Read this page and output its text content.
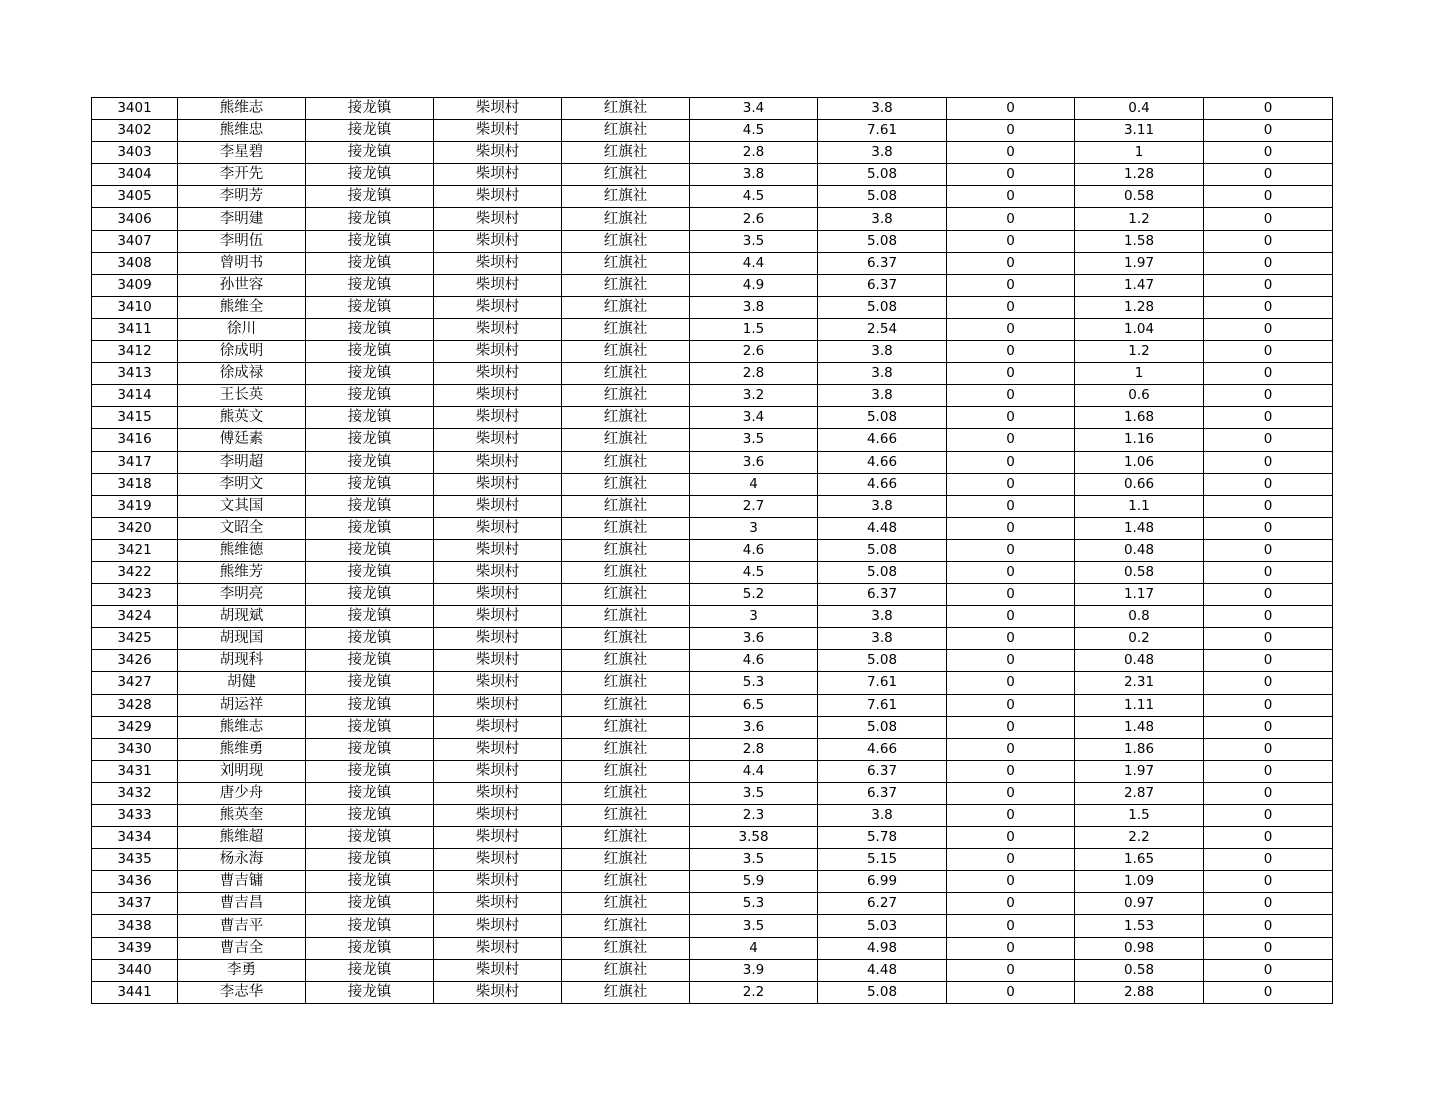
3401	熊维志	接龙镇	柴坝村	红旗社	3.4	3.8	0	0.4	0
3402	熊维忠	接龙镇	柴坝村	红旗社	4.5	7.61	0	3.11	0
3403	李星碧	接龙镇	柴坝村	红旗社	2.8	3.8	0	1	0
3404	李开先	接龙镇	柴坝村	红旗社	3.8	5.08	0	1.28	0
3405	李明芳	接龙镇	柴坝村	红旗社	4.5	5.08	0	0.58	0
3406	李明建	接龙镇	柴坝村	红旗社	2.6	3.8	0	1.2	0
3407	李明伍	接龙镇	柴坝村	红旗社	3.5	5.08	0	1.58	0
3408	曾明书	接龙镇	柴坝村	红旗社	4.4	6.37	0	1.97	0
3409	孙世容	接龙镇	柴坝村	红旗社	4.9	6.37	0	1.47	0
3410	熊维全	接龙镇	柴坝村	红旗社	3.8	5.08	0	1.28	0
3411	徐川	接龙镇	柴坝村	红旗社	1.5	2.54	0	1.04	0
3412	徐成明	接龙镇	柴坝村	红旗社	2.6	3.8	0	1.2	0
3413	徐成禄	接龙镇	柴坝村	红旗社	2.8	3.8	0	1	0
3414	王长英	接龙镇	柴坝村	红旗社	3.2	3.8	0	0.6	0
3415	熊英文	接龙镇	柴坝村	红旗社	3.4	5.08	0	1.68	0
3416	傅廷素	接龙镇	柴坝村	红旗社	3.5	4.66	0	1.16	0
3417	李明超	接龙镇	柴坝村	红旗社	3.6	4.66	0	1.06	0
3418	李明文	接龙镇	柴坝村	红旗社	4	4.66	0	0.66	0
3419	文其国	接龙镇	柴坝村	红旗社	2.7	3.8	0	1.1	0
3420	文昭全	接龙镇	柴坝村	红旗社	3	4.48	0	1.48	0
3421	熊维德	接龙镇	柴坝村	红旗社	4.6	5.08	0	0.48	0
3422	熊维芳	接龙镇	柴坝村	红旗社	4.5	5.08	0	0.58	0
3423	李明亮	接龙镇	柴坝村	红旗社	5.2	6.37	0	1.17	0
3424	胡现斌	接龙镇	柴坝村	红旗社	3	3.8	0	0.8	0
3425	胡现国	接龙镇	柴坝村	红旗社	3.6	3.8	0	0.2	0
3426	胡现科	接龙镇	柴坝村	红旗社	4.6	5.08	0	0.48	0
3427	胡健	接龙镇	柴坝村	红旗社	5.3	7.61	0	2.31	0
3428	胡运祥	接龙镇	柴坝村	红旗社	6.5	7.61	0	1.11	0
3429	熊维志	接龙镇	柴坝村	红旗社	3.6	5.08	0	1.48	0
3430	熊维勇	接龙镇	柴坝村	红旗社	2.8	4.66	0	1.86	0
3431	刘明现	接龙镇	柴坝村	红旗社	4.4	6.37	0	1.97	0
3432	唐少舟	接龙镇	柴坝村	红旗社	3.5	6.37	0	2.87	0
3433	熊英奎	接龙镇	柴坝村	红旗社	2.3	3.8	0	1.5	0
3434	熊维超	接龙镇	柴坝村	红旗社	3.58	5.78	0	2.2	0
3435	杨永海	接龙镇	柴坝村	红旗社	3.5	5.15	0	1.65	0
3436	曹吉镛	接龙镇	柴坝村	红旗社	5.9	6.99	0	1.09	0
3437	曹吉昌	接龙镇	柴坝村	红旗社	5.3	6.27	0	0.97	0
3438	曹吉平	接龙镇	柴坝村	红旗社	3.5	5.03	0	1.53	0
3439	曹吉全	接龙镇	柴坝村	红旗社	4	4.98	0	0.98	0
3440	李勇	接龙镇	柴坝村	红旗社	3.9	4.48	0	0.58	0
3441	李志华	接龙镇	柴坝村	红旗社	2.2	5.08	0	2.88	0
